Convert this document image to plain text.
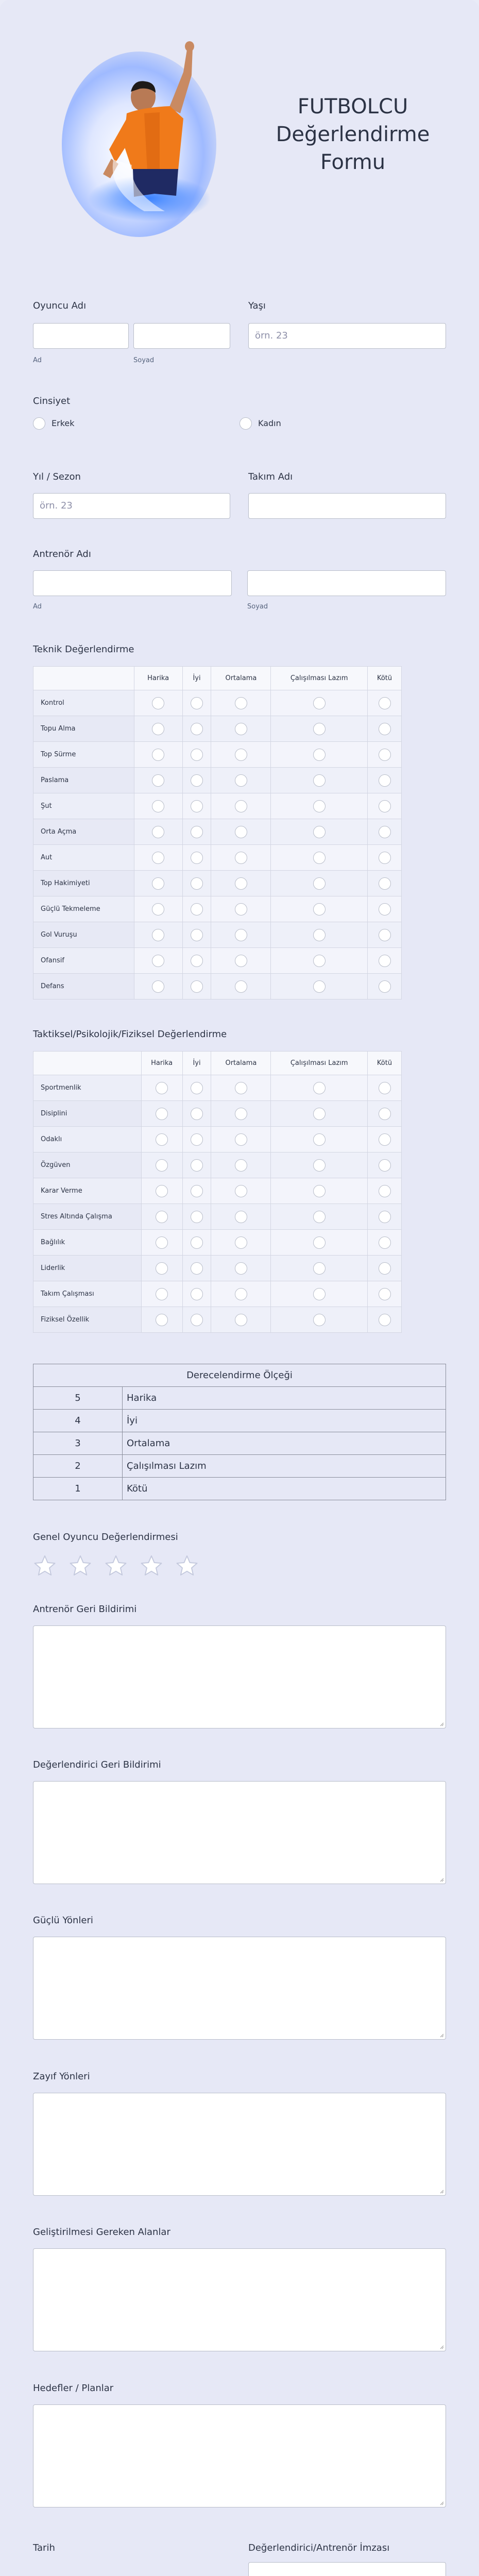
FUTBOLCU
Değerlendirme
Formu
Oyuncu Adı
Ad	Soyad
Yaşı
örn. 23
Cinsiyet
Erkek	Kadın
Yıl / Sezon
örn. 23
Takım Adı
Antrenör Adı
Ad	Soyad
Teknik Değerlendirme
	Harika	İyi	Ortalama	Çalışılması Lazım	Kötü
Kontrol					
Topu Alma					
Top Sürme					
Paslama					
Şut					
Orta Açma					
Aut					
Top Hakimiyeti					
Güçlü Tekmeleme					
Gol Vuruşu					
Ofansif					
Defans					
Taktiksel/Psikolojik/Fiziksel Değerlendirme
	Harika	İyi	Ortalama	Çalışılması Lazım	Kötü
Sportmenlik					
Disiplini					
Odaklı					
Özgüven					
Karar Verme					
Stres Altında Çalışma					
Bağlılık					
Liderlik					
Takım Çalışması					
Fiziksel Özellik					
Derecelendirme Ölçeği	
5	Harika
4	İyi
3	Ortalama
2	Çalışılması Lazım
1	Kötü
Genel Oyuncu Değerlendirmesi
Antrenör Geri Bildirimi
Değerlendirici Geri Bildirimi
Güçlü Yönleri
Zayıf Yönleri
Geliştirilmesi Gereken Alanlar
Hedefler / Planlar
Tarih	Değerlendirici/Antrenör İmzası
